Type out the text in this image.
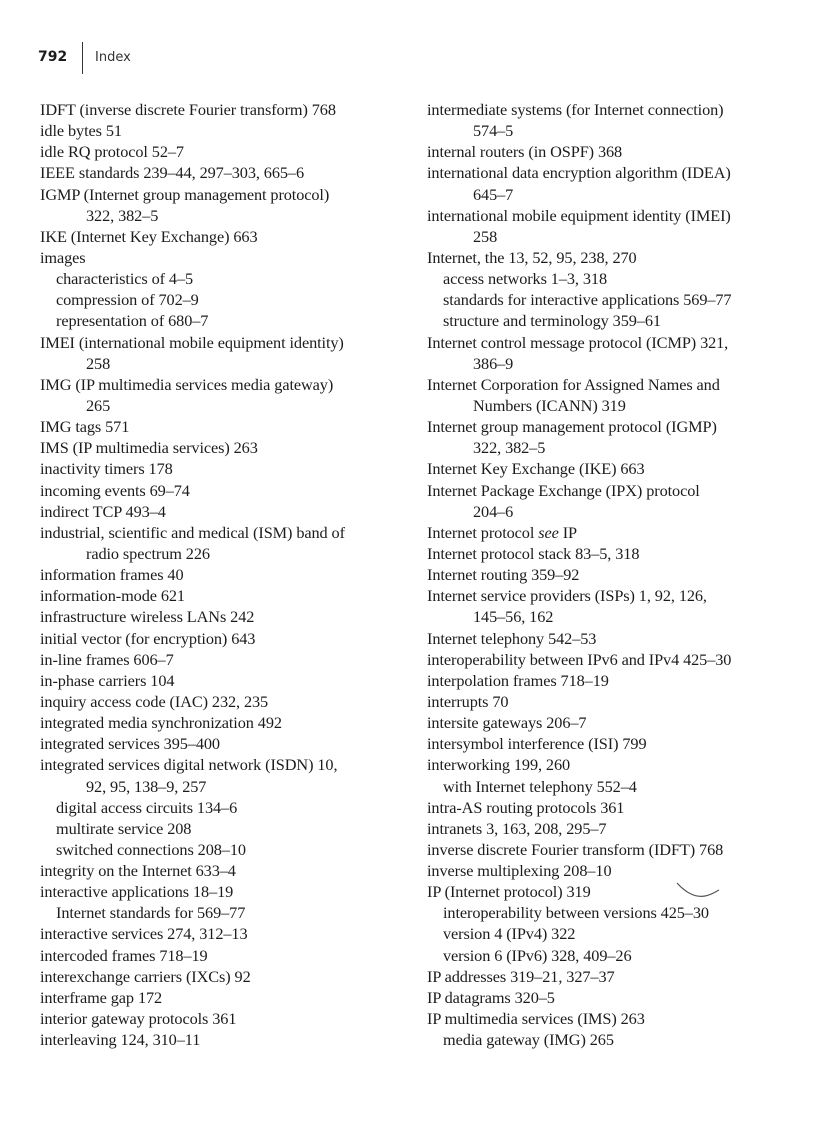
792 Index
IDFT (inverse discrete Fourier transform) 768
idle bytes 51
idle RQ protocol 52–7
IEEE standards 239–44, 297–303, 665–6
IGMP (Internet group management protocol)
322, 382–5
IKE (Internet Key Exchange) 663
images
characteristics of 4–5
compression of 702–9
representation of 680–7
IMEI (international mobile equipment identity)
258
IMG (IP multimedia services media gateway)
265
IMG tags 571
IMS (IP multimedia services) 263
inactivity timers 178
incoming events 69–74
indirect TCP 493–4
industrial, scientific and medical (ISM) band of
radio spectrum 226
information frames 40
information-mode 621
infrastructure wireless LANs 242
initial vector (for encryption) 643
in-line frames 606–7
in-phase carriers 104
inquiry access code (IAC) 232, 235
integrated media synchronization 492
integrated services 395–400
integrated services digital network (ISDN) 10,
92, 95, 138–9, 257
digital access circuits 134–6
multirate service 208
switched connections 208–10
integrity on the Internet 633–4
interactive applications 18–19
Internet standards for 569–77
interactive services 274, 312–13
intercoded frames 718–19
interexchange carriers (IXCs) 92
interframe gap 172
interior gateway protocols 361
interleaving 124, 310–11
intermediate systems (for Internet connection)
574–5
internal routers (in OSPF) 368
international data encryption algorithm (IDEA)
645–7
international mobile equipment identity (IMEI)
258
Internet, the 13, 52, 95, 238, 270
access networks 1–3, 318
standards for interactive applications 569–77
structure and terminology 359–61
Internet control message protocol (ICMP) 321,
386–9
Internet Corporation for Assigned Names and
Numbers (ICANN) 319
Internet group management protocol (IGMP)
322, 382–5
Internet Key Exchange (IKE) 663
Internet Package Exchange (IPX) protocol
204–6
Internet protocol see IP
Internet protocol stack 83–5, 318
Internet routing 359–92
Internet service providers (ISPs) 1, 92, 126,
145–56, 162
Internet telephony 542–53
interoperability between IPv6 and IPv4 425–30
interpolation frames 718–19
interrupts 70
intersite gateways 206–7
intersymbol interference (ISI) 799
interworking 199, 260
with Internet telephony 552–4
intra-AS routing protocols 361
intranets 3, 163, 208, 295–7
inverse discrete Fourier transform (IDFT) 768
inverse multiplexing 208–10
IP (Internet protocol) 319
interoperability between versions 425–30
version 4 (IPv4) 322
version 6 (IPv6) 328, 409–26
IP addresses 319–21, 327–37
IP datagrams 320–5
IP multimedia services (IMS) 263
media gateway (IMG) 265
